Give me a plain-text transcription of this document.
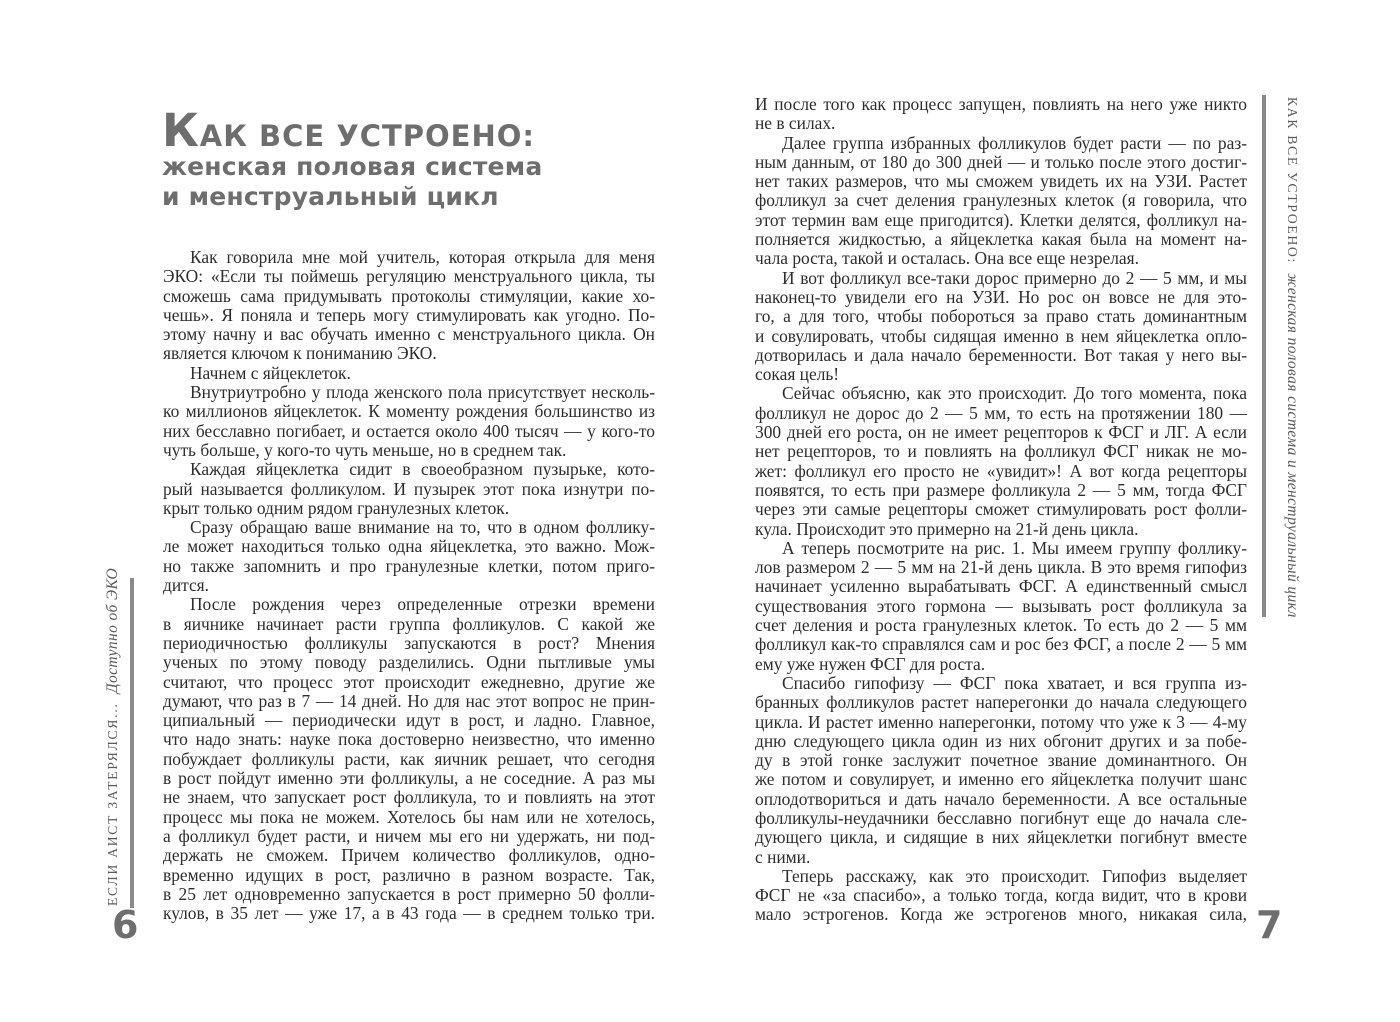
ЕСЛИ АИСТ ЗАТЕРЯЛСЯ...Доступно об ЭКО
КАК ВСЕ УСТРОЕНО:
женская половая система
и менструальный цикл
Как говорила мне мой учитель, которая открыла для меня
ЭКО: «Если ты поймешь регуляцию менструального цикла, ты
сможешь сама придумывать протоколы стимуляции, какие хо-
чешь». Я поняла и теперь могу стимулировать как угодно. По-
этому начну и вас обучать именно с менструального цикла. Он
является ключом к пониманию ЭКО.
Начнем с яйцеклеток.
Внутриутробно у плода женского пола присутствует несколь-
ко миллионов яйцеклеток. К моменту рождения большинство из
них бесславно погибает, и остается около 400 тысяч — у кого-то
чуть больше, у кого-то чуть меньше, но в среднем так.
Каждая яйцеклетка сидит в своеобразном пузырьке, кото-
рый называется фолликулом. И пузырек этот пока изнутри по-
крыт только одним рядом гранулезных клеток.
Сразу обращаю ваше внимание на то, что в одном фоллику-
ле может находиться только одна яйцеклетка, это важно. Мож-
но также запомнить и про гранулезные клетки, потом приго-
дится.
После рождения через определенные отрезки времени
в яичнике начинает расти группа фолликулов. С какой же
периодичностью фолликулы запускаются в рост? Мнения
ученых по этому поводу разделились. Одни пытливые умы
считают, что процесс этот происходит ежедневно, другие же
думают, что раз в 7 — 14 дней. Но для нас этот вопрос не прин-
ципиальный — периодически идут в рост, и ладно. Главное,
что надо знать: науке пока достоверно неизвестно, что именно
побуждает фолликулы расти, как яичник решает, что сегодня
в рост пойдут именно эти фолликулы, а не соседние. А раз мы
не знаем, что запускает рост фолликула, то и повлиять на этот
процесс мы пока не можем. Хотелось бы нам или не хотелось,
а фолликул будет расти, и ничем мы его ни удержать, ни под-
держать не сможем. Причем количество фолликулов, одно-
временно идущих в рост, различно в разном возрасте. Так,
в 25 лет одновременно запускается в рост примерно 50 фолли-
кулов, в 35 лет — уже 17, а в 43 года — в среднем только три.
6
КАК ВСЕ УСТРОЕНО:женская половая система и менструальный цикл
И после того как процесс запущен, повлиять на него уже никто
не в силах.
Далее группа избранных фолликулов будет расти — по раз-
ным данным, от 180 до 300 дней — и только после этого достиг-
нет таких размеров, что мы сможем увидеть их на УЗИ. Растет
фолликул за счет деления гранулезных клеток (я говорила, что
этот термин вам еще пригодится). Клетки делятся, фолликул на-
полняется жидкостью, а яйцеклетка какая была на момент на-
чала роста, такой и осталась. Она все еще незрелая.
И вот фолликул все-таки дорос примерно до 2 — 5 мм, и мы
наконец-то увидели его на УЗИ. Но рос он вовсе не для это-
го, а для того, чтобы побороться за право стать доминантным
и совулировать, чтобы сидящая именно в нем яйцеклетка опло-
дотворилась и дала начало беременности. Вот такая у него вы-
сокая цель!
Сейчас объясню, как это происходит. До того момента, пока
фолликул не дорос до 2 — 5 мм, то есть на протяжении 180 —
300 дней его роста, он не имеет рецепторов к ФСГ и ЛГ. А если
нет рецепторов, то и повлиять на фолликул ФСГ никак не мо-
жет: фолликул его просто не «увидит»! А вот когда рецепторы
появятся, то есть при размере фолликула 2 — 5 мм, тогда ФСГ
через эти самые рецепторы сможет стимулировать рост фолли-
кула. Происходит это примерно на 21-й день цикла.
А теперь посмотрите на рис. 1. Мы имеем группу фоллику-
лов размером 2 — 5 мм на 21-й день цикла. В это время гипофиз
начинает усиленно вырабатывать ФСГ. А единственный смысл
существования этого гормона — вызывать рост фолликула за
счет деления и роста гранулезных клеток. То есть до 2 — 5 мм
фолликул как-то справлялся сам и рос без ФСГ, а после 2 — 5 мм
ему уже нужен ФСГ для роста.
Спасибо гипофизу — ФСГ пока хватает, и вся группа из-
бранных фолликулов растет наперегонки до начала следующего
цикла. И растет именно наперегонки, потому что уже к 3 — 4-му
дню следующего цикла один из них обгонит других и за побе-
ду в этой гонке заслужит почетное звание доминантного. Он
же потом и совулирует, и именно его яйцеклетка получит шанс
оплодотвориться и дать начало беременности. А все остальные
фолликулы-неудачники бесславно погибнут еще до начала сле-
дующего цикла, и сидящие в них яйцеклетки погибнут вместе
с ними.
Теперь расскажу, как это происходит. Гипофиз выделяет
ФСГ не «за спасибо», а только тогда, когда видит, что в крови
мало эстрогенов. Когда же эстрогенов много, никакая сила, 7
